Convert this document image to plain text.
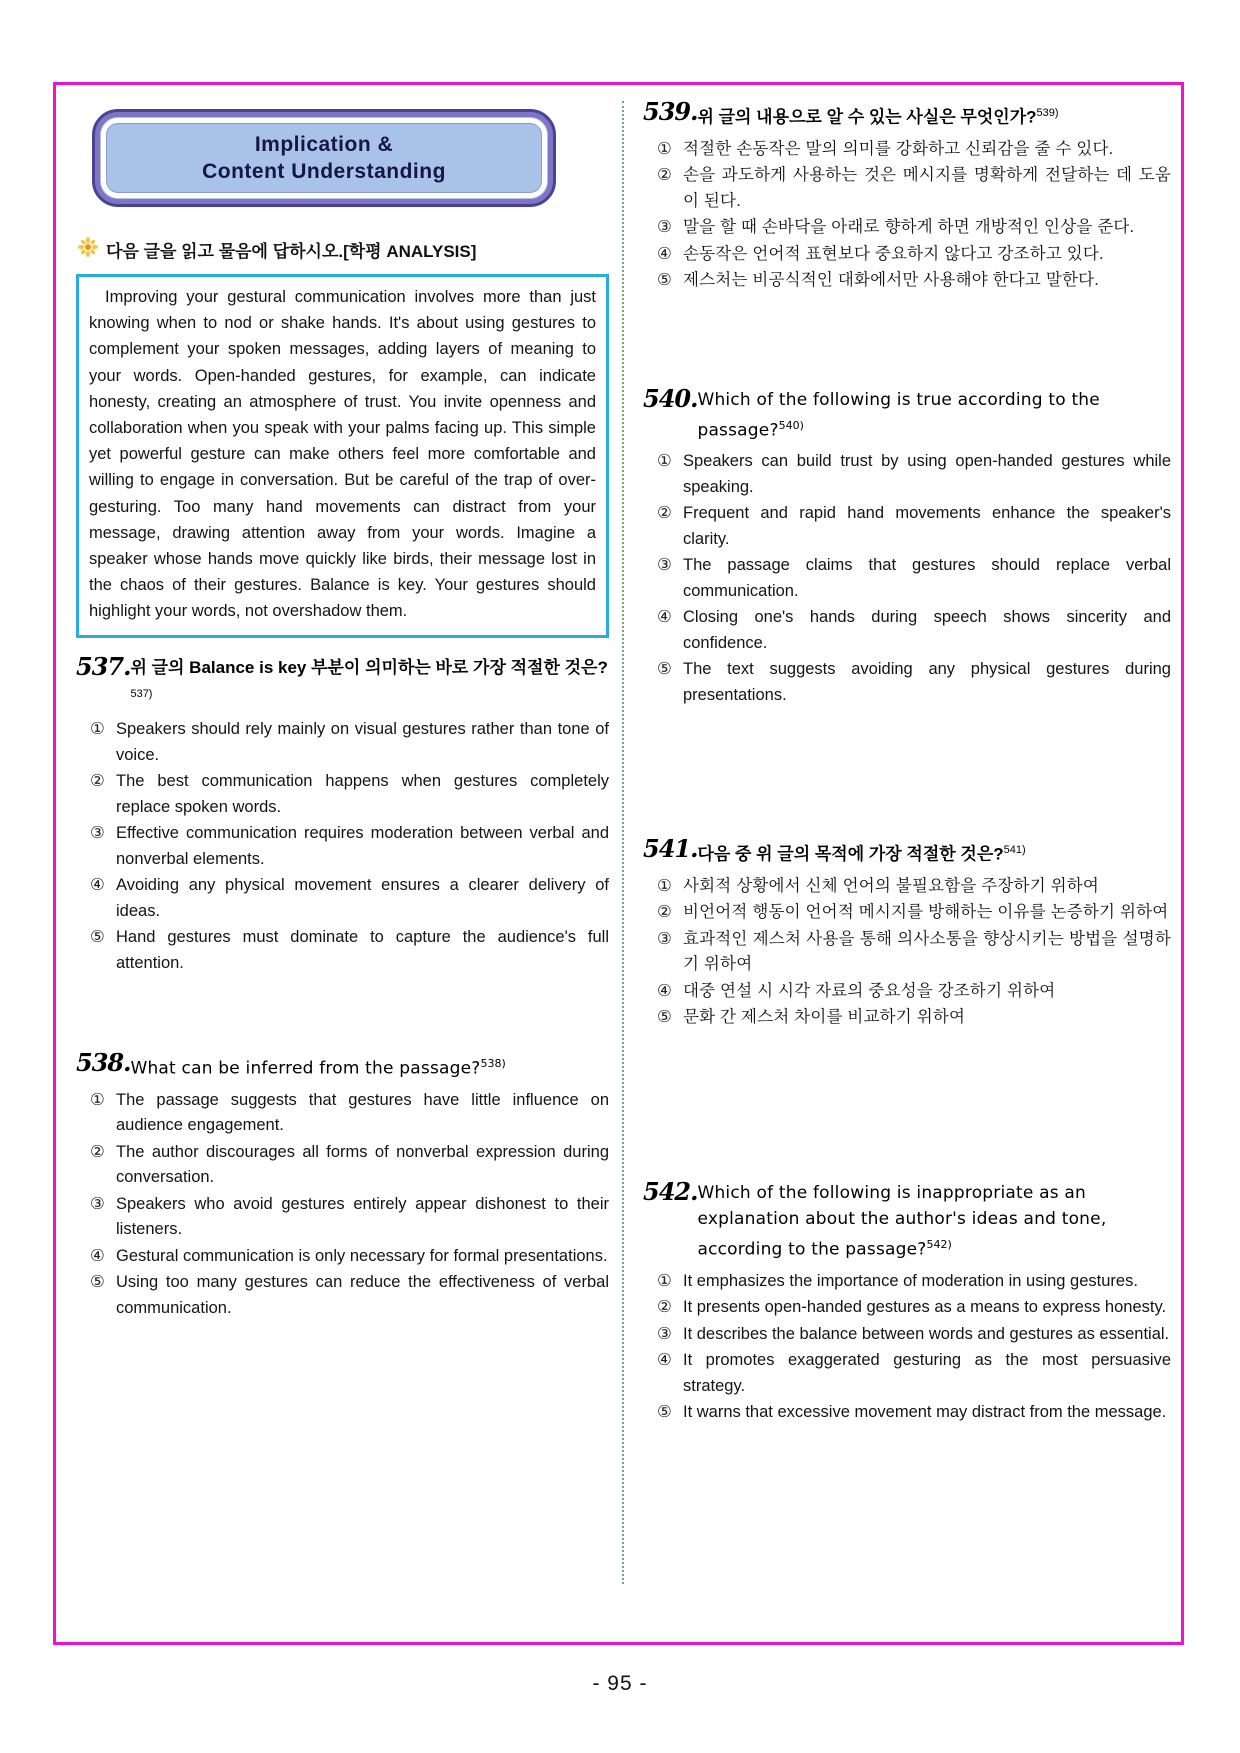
Implication &
Content Understanding
다음 글을 읽고 물음에 답하시오.[학평 ANALYSIS]
Improving your gestural communication involves more than just knowing when to nod or shake hands. It's about using gestures to complement your spoken messages, adding layers of meaning to your words. Open-handed gestures, for example, can indicate honesty, creating an atmosphere of trust. You invite openness and collaboration when you speak with your palms facing up. This simple yet powerful gesture can make others feel more comfortable and willing to engage in conversation. But be careful of the trap of over-gesturing. Too many hand movements can distract from your message, drawing attention away from your words. Imagine a speaker whose hands move quickly like birds, their message lost in the chaos of their gestures. Balance is key. Your gestures should highlight your words, not overshadow them.
537. 위 글의 Balance is key 부분이 의미하는 바로 가장 적절한 것은?$^{537)}$
① Speakers should rely mainly on visual gestures rather than tone of voice.
② The best communication happens when gestures completely replace spoken words.
③ Effective communication requires moderation between verbal and nonverbal elements.
④ Avoiding any physical movement ensures a clearer delivery of ideas.
⑤ Hand gestures must dominate to capture the audience's full attention.
538. What can be inferred from the passage?$^{538)}$
① The passage suggests that gestures have little influence on audience engagement.
② The author discourages all forms of nonverbal expression during conversation.
③ Speakers who avoid gestures entirely appear dishonest to their listeners.
④ Gestural communication is only necessary for formal presentations.
⑤ Using too many gestures can reduce the effectiveness of verbal communication.
539. 위 글의 내용으로 알 수 있는 사실은 무엇인가?$^{539)}$
① 적절한 손동작은 말의 의미를 강화하고 신뢰감을 줄 수 있다.
② 손을 과도하게 사용하는 것은 메시지를 명확하게 전달하는 데 도움이 된다.
③ 말을 할 때 손바닥을 아래로 향하게 하면 개방적인 인상을 준다.
④ 손동작은 언어적 표현보다 중요하지 않다고 강조하고 있다.
⑤ 제스처는 비공식적인 대화에서만 사용해야 한다고 말한다.
540. Which of the following is true according to the passage?$^{540)}$
① Speakers can build trust by using open-handed gestures while speaking.
② Frequent and rapid hand movements enhance the speaker's clarity.
③ The passage claims that gestures should replace verbal communication.
④ Closing one's hands during speech shows sincerity and confidence.
⑤ The text suggests avoiding any physical gestures during presentations.
541. 다음 중 위 글의 목적에 가장 적절한 것은?$^{541)}$
① 사회적 상황에서 신체 언어의 불필요함을 주장하기 위하여
② 비언어적 행동이 언어적 메시지를 방해하는 이유를 논증하기 위하여
③ 효과적인 제스처 사용을 통해 의사소통을 향상시키는 방법을 설명하기 위하여
④ 대중 연설 시 시각 자료의 중요성을 강조하기 위하여
⑤ 문화 간 제스처 차이를 비교하기 위하여
542. Which of the following is inappropriate as an explanation about the author's ideas and tone, according to the passage?$^{542)}$
① It emphasizes the importance of moderation in using gestures.
② It presents open-handed gestures as a means to express honesty.
③ It describes the balance between words and gestures as essential.
④ It promotes exaggerated gesturing as the most persuasive strategy.
⑤ It warns that excessive movement may distract from the message.
- 95 -
